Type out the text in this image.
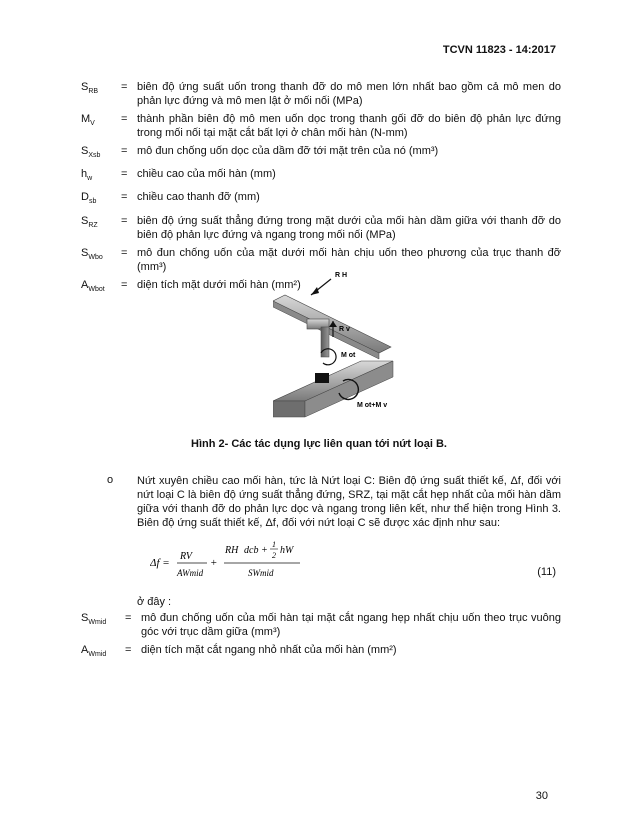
TCVN 11823 - 14:2017
$S_{RB}$	= biên độ ứng suất uốn trong thanh đỡ do mô men lớn nhất bao gồm cả mô men do phản lực đứng và mô men lật ở mối nối (MPa)
$M_V$	= thành phần biên độ mô men uốn dọc trong thanh gối đỡ do biên độ phản lực đứng trong mối nối tại mặt cắt bất lợi ở chân mối hàn (N-mm)
$S_{Xsb}$	= mô đun chống uốn dọc của dầm đỡ tới mặt trên của nó (mm³)
$h_w$	= chiều cao của mối hàn (mm)
$D_{sb}$	= chiều cao thanh đỡ (mm)
$S_{RZ}$	= biên độ ứng suất thẳng đứng trong mặt dưới của mối hàn dầm giữa với thanh đỡ do biên độ phản lực đứng và ngang trong mối nối (MPa)
$S_{Wbo}$	= mô đun chống uốn của mặt dưới mối hàn chịu uốn theo phương của trục thanh đỡ (mm³)
$A_{Wbot}$	= diện tích mặt dưới mối hàn (mm²)
R H
R v
M ot
M ot+M v
Hình 2- Các tác dụng lực liên quan tới nứt loại B.
o Nứt xuyên chiều cao mối hàn, tức là Nứt loại C: Biên độ ứng suất thiết kế, Δf, đối với nứt loại C là biên độ ứng suất thẳng đứng, SRZ, tại mặt cắt hẹp nhất của mối hàn dầm giữa với thanh đỡ do phản lực dọc và ngang trong liên kết, như thể hiện trong Hình 3. Biên độ ứng suất thiết kế, Δf, đối với nứt loại C sẽ được xác định như sau:
Δf =
RV
AWmid
+
RH dcb +
1
2 hW
SWmid	(11)
ở đây :
$S_{Wmid}$	= mô đun chống uốn của mối hàn tại mặt cắt ngang hẹp nhất chịu uốn theo trục vuông góc với trục dầm giữa (mm³)
$A_{Wmid}$	= diện tích mặt cắt ngang nhỏ nhất của mối hàn (mm²)
30
